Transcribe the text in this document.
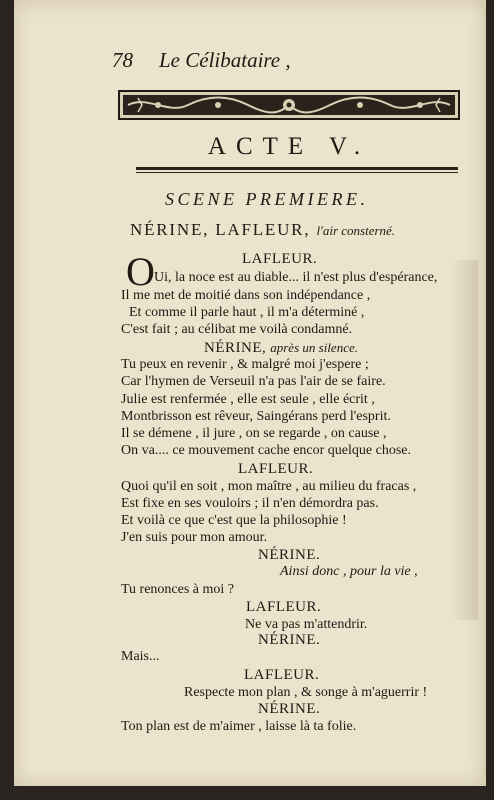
78 Le Célibataire ,

ACTE V.

SCENE PREMIERE.

NÉRINE, LAFLEUR, l'air consterné.

O	LAFLEUR.

Ui, la noce est au diable... il n'est plus d'espérance,

Il me met de moitié dans son indépendance ,

Et comme il parle haut , il m'a déterminé ,

C'est fait ; au célibat me voilà condamné.

NÉRINE, après un silence.

Tu peux en revenir , & malgré moi j'espere ;

Car l'hymen de Verseuil n'a pas l'air de se faire.

Julie est renfermée , elle est seule , elle écrit ,

Montbrisson est rêveur, Saingérans perd l'esprit.

Il se démene , il jure , on se regarde , on cause ,

On va.... ce mouvement cache encor quelque chose.

LAFLEUR.

Quoi qu'il en soit , mon maître , au milieu du fracas ,

Est fixe en ses vouloirs ; il n'en démordra pas.

Et voilà ce que c'est que la philosophie !

J'en suis pour mon amour.

NÉRINE.

Ainsi donc , pour la vie ,

Tu renonces à moi ?

LAFLEUR.

Ne va pas m'attendrir.

NÉRINE.

Mais...

LAFLEUR.

Respecte mon plan , & songe à m'aguerrir !

NÉRINE.

Ton plan est de m'aimer , laisse là ta folie.
